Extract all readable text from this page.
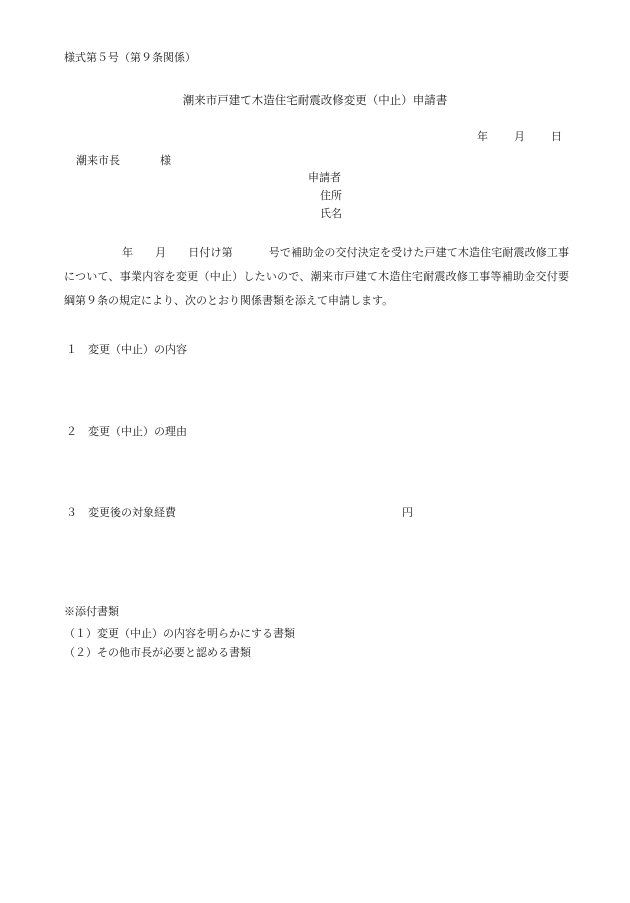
様式第５号（第９条関係）
潮来市戸建て木造住宅耐震改修変更（中止）申請書
年 月 日
潮来市長	様
申請者
住所
氏名
年 月 日付け第	号で補助金の交付決定を受けた戸建て木造住宅耐震改修工事について、事業内容を変更（中止）したいので、潮来市戸建て木造住宅耐震改修工事等補助金交付要綱第９条の規定により、次のとおり関係書類を添えて申請します。
１ 変更（中止）の内容
２ 変更（中止）の理由
３ 変更後の対象経費	円
※添付書類
（１）変更（中止）の内容を明らかにする書類
（２）その他市長が必要と認める書類
